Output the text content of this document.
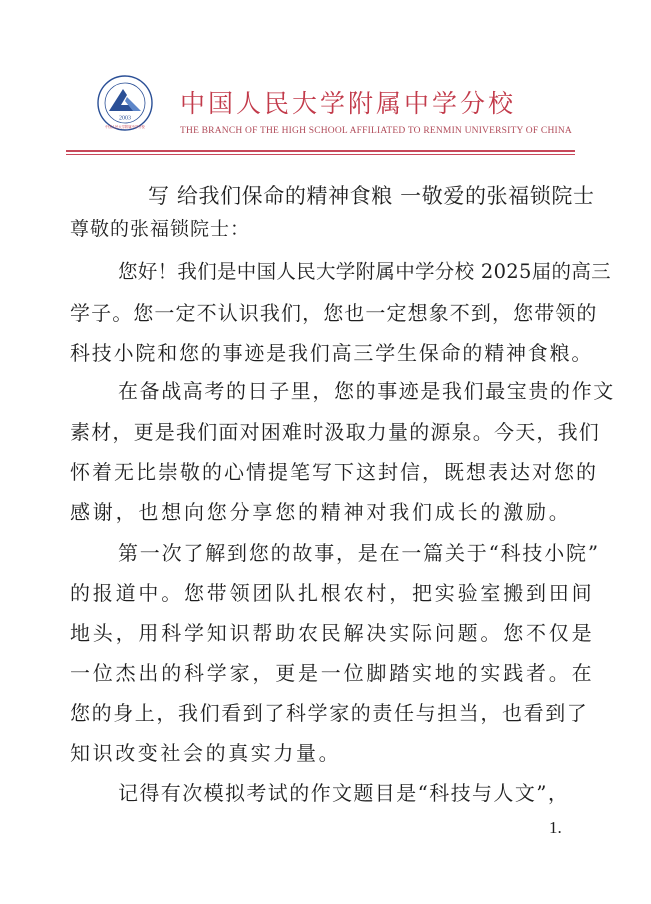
2003
中国人民大学附属中学分校
中国人民大学附属中学分校
THE BRANCH OF THE HIGH SCHOOL AFFILIATED TO RENMIN UNIVERSITY OF CHINA
写 给我们保命的精神食粮 一敬爱的张福锁院士
尊敬的张福锁院士：
您好！我们是中国人民大学附属中学分校 2025届的高三
学子。您一定不认识我们，您也一定想象不到，您带领的
科技小院和您的事迹是我们高三学生保命的精神食粮。
在备战高考的日子里，您的事迹是我们最宝贵的作文
素材，更是我们面对困难时汲取力量的源泉。今天，我们
怀着无比崇敬的心情提笔写下这封信，既想表达对您的
感谢，也想向您分享您的精神对我们成长的激励。
第一次了解到您的故事，是在一篇关于“科技小院”
的报道中。您带领团队扎根农村，把实验室搬到田间
地头，用科学知识帮助农民解决实际问题。您不仅是
一位杰出的科学家，更是一位脚踏实地的实践者。在
您的身上，我们看到了科学家的责任与担当，也看到了
知识改变社会的真实力量。
记得有次模拟考试的作文题目是“科技与人文”，
1.
